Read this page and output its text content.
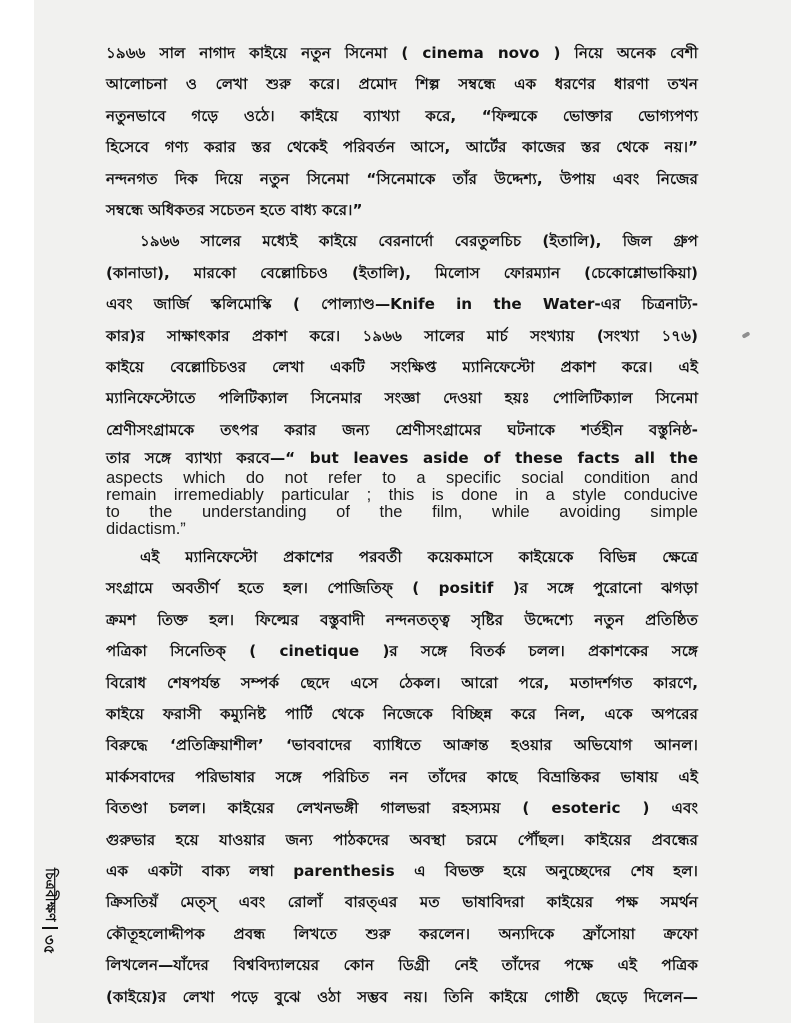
চিত্রবীক্ষণ
৩৫
১৯৬৬ সাল নাগাদ কাইয়ে নতুন সিনেমা ( cinema novo ) নিয়ে অনেক বেশী
আলোচনা ও লেখা শুরু করে। প্রমোদ শিল্প সম্বন্ধে এক ধরণের ধারণা তখন
নতুনভাবে গড়ে ওঠে। কাইয়ে ব্যাখ্যা করে, “ফিল্মকে ভোক্তার ভোগ্যপণ্য
হিসেবে গণ্য করার স্তর থেকেই পরিবর্তন আসে, আর্টের কাজের স্তর থেকে নয়।”
নন্দনগত দিক দিয়ে নতুন সিনেমা “সিনেমাকে তাঁর উদ্দেশ্য, উপায় এবং নিজের
সম্বন্ধে অধিকতর সচেতন হতে বাধ্য করে।”
১৯৬৬ সালের মধ্যেই কাইয়ে বেরনার্দো বেরতুলচিচ (ইতালি), জিল গ্রুপ
(কানাডা), মারকো বেল্লোচিচও (ইতালি), মিলোস ফোরম্যান (চেকোশ্লোভাকিয়া)
এবং জার্জি স্কলিমোস্কি ( পোল্যাণ্ড—Knife in the Water-এর চিত্রনাট্য-
কার)র সাক্ষাৎকার প্রকাশ করে। ১৯৬৬ সালের মার্চ সংখ্যায় (সংখ্যা ১৭৬)
কাইয়ে বেল্লোচিচওর লেখা একটি সংক্ষিপ্ত ম্যানিফেস্টো প্রকাশ করে। এই
ম্যানিফেস্টোতে পলিটিক্যাল সিনেমার সংজ্ঞা দেওয়া হয়ঃ পোলিটিক্যাল সিনেমা
শ্রেণীসংগ্রামকে তৎপর করার জন্য শ্রেণীসংগ্রামের ঘটনাকে শর্তহীন বস্তুনিষ্ঠ-
তার সঙ্গে ব্যাখ্যা করবে—“ but leaves aside of these facts all the
aspects which do not refer to a specific social condition and
remain irremediably particular ; this is done in a style conducive
to the understanding of the film, while avoiding simple
didactism.”
এই ম্যানিফেস্টো প্রকাশের পরবর্তী কয়েকমাসে কাইয়েকে বিভিন্ন ক্ষেত্রে
সংগ্রামে অবতীর্ণ হতে হল। পোজিতিফ্ ( positif )র সঙ্গে পুরোনো ঝগড়া
ক্রমশ তিক্ত হল। ফিল্মের বস্তুবাদী নন্দনতত্ত্ব সৃষ্টির উদ্দেশ্যে নতুন প্রতিষ্ঠিত
পত্রিকা সিনেতিক্ ( cinetique )র সঙ্গে বিতর্ক চলল। প্রকাশকের সঙ্গে
বিরোধ শেষপর্যন্ত সম্পর্ক ছেদে এসে ঠেকল। আরো পরে, মতাদর্শগত কারণে,
কাইয়ে ফরাসী কম্যুনিষ্ট পার্টি থেকে নিজেকে বিচ্ছিন্ন করে নিল, একে অপরের
বিরুদ্ধে ‘প্রতিক্রিয়াশীল’ ‘ভাববাদের ব্যাধিতে আক্রান্ত হওয়ার অভিযোগ আনল।
মার্কসবাদের পরিভাষার সঙ্গে পরিচিত নন তাঁদের কাছে বিভ্রান্তিকর ভাষায় এই
বিতণ্ডা চলল। কাইয়ের লেখনভঙ্গী গালভরা রহস্যময় ( esoteric ) এবং
গুরুভার হয়ে যাওয়ার জন্য পাঠকদের অবস্থা চরমে পৌঁছল। কাইয়ের প্রবন্ধের
এক একটা বাক্য লম্বা parenthesis এ বিভক্ত হয়ে অনুচ্ছেদের শেষ হল।
ক্রিসতিয়ঁ মেত্স্ এবং রোলাঁ বারত্এর মত ভাষাবিদরা কাইয়ের পক্ষ সমর্থন
কৌতূহলোদ্দীপক প্রবন্ধ লিখতে শুরু করলেন। অন্যদিকে ফ্রাঁসোয়া ক্রফো
লিখলেন—যাঁদের বিশ্ববিদ্যালয়ের কোন ডিগ্রী নেই তাঁদের পক্ষে এই পত্রিক
(কাইয়ে)র লেখা পড়ে বুঝে ওঠা সম্ভব নয়। তিনি কাইয়ে গোষ্ঠী ছেড়ে দিলেন—
